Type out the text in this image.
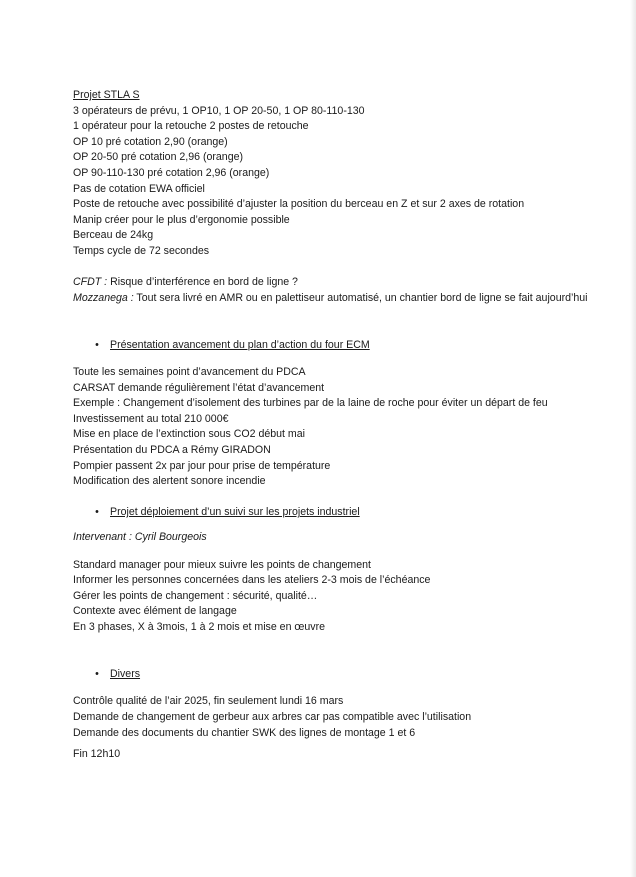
Projet STLA S
3 opérateurs de prévu, 1 OP10, 1 OP 20-50, 1 OP 80-110-130
1 opérateur pour la retouche 2 postes de retouche
OP 10 pré cotation 2,90 (orange)
OP 20-50 pré cotation 2,96 (orange)
OP 90-110-130 pré cotation 2,96 (orange)
Pas de cotation EWA officiel
Poste de retouche avec possibilité d’ajuster la position du berceau en Z et sur 2 axes de rotation
Manip créer pour le plus d’ergonomie possible
Berceau de 24kg
Temps cycle de 72 secondes
CFDT : Risque d’interférence en bord de ligne ?
Mozzanega : Tout sera livré en AMR ou en palettiseur automatisé, un chantier bord de ligne se fait aujourd’hui
•	Présentation avancement du plan d’action du four ECM
Toute les semaines point d’avancement du PDCA
CARSAT demande régulièrement l’état d’avancement
Exemple : Changement d’isolement des turbines par de la laine de roche pour éviter un départ de feu
Investissement au total 210 000€
Mise en place de l’extinction sous CO2 début mai
Présentation du PDCA a Rémy GIRADON
Pompier passent 2x par jour pour prise de température
Modification des alertent sonore incendie
•	Projet déploiement d’un suivi sur les projets industriel
Intervenant : Cyril Bourgeois
Standard manager pour mieux suivre les points de changement
Informer les personnes concernées dans les ateliers 2-3 mois de l’échéance
Gérer les points de changement : sécurité, qualité…
Contexte avec élément de langage
En 3 phases, X à 3mois, 1 à 2 mois et mise en œuvre
•	Divers
Contrôle qualité de l’air 2025, fin seulement lundi 16 mars
Demande de changement de gerbeur aux arbres car pas compatible avec l’utilisation
Demande des documents du chantier SWK des lignes de montage 1 et 6
Fin 12h10
